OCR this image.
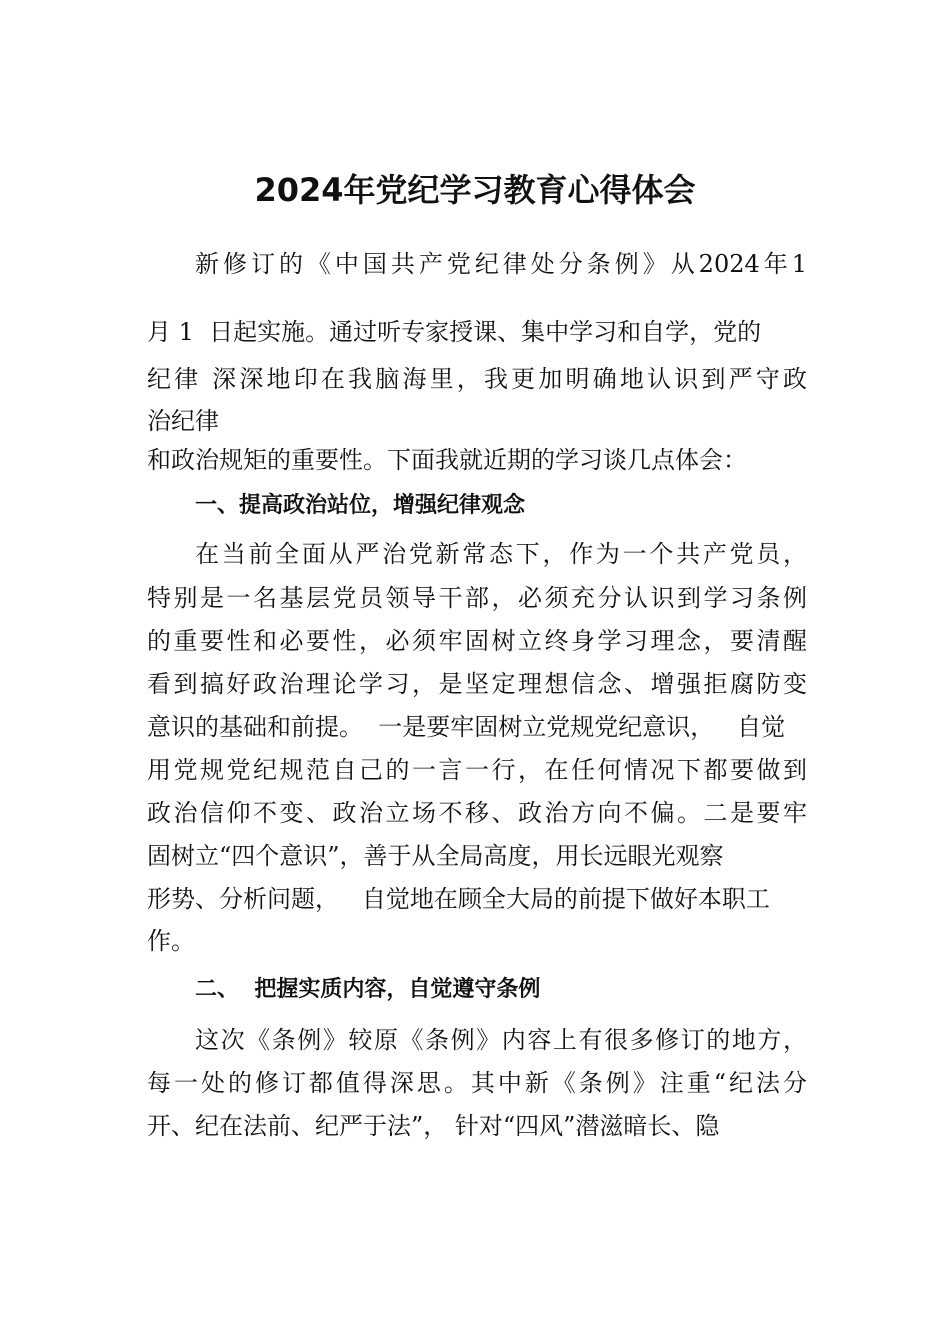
2024年党纪学习教育心得体会

新修订的《中国共产党纪律处分条例》从2024年1

月 1  日起实施。通过听专家授课、集中学习和自学，党的

纪律 深深地印在我脑海里，我更加明确地认识到严守政

治纪律

和政治规矩的重要性。下面我就近期的学习谈几点体会：

一、提高政治站位，增强纪律观念

在当前全面从严治党新常态下，作为一个共产党员，

特别是一名基层党员领导干部，必须充分认识到学习条例

的重要性和必要性，必须牢固树立终身学习理念，要清醒

看到搞好政治理论学习，是坚定理想信念、增强拒腐防变

意识的基础和前提。  一是要牢固树立党规党纪意识，   自觉

用党规党纪规范自己的一言一行，在任何情况下都要做到

政治信仰不变、政治立场不移、政治方向不偏。二是要牢

固树立“四个意识”，善于从全局高度，用长远眼光观察

形势、分析问题，   自觉地在顾全大局的前提下做好本职工

作。

二、  把握实质内容，自觉遵守条例

这次《条例》较原《条例》内容上有很多修订的地方，

每一处的修订都值得深思。其中新《条例》注重“纪法分

开、纪在法前、纪严于法”， 针对“四风”潜滋暗长、隐
